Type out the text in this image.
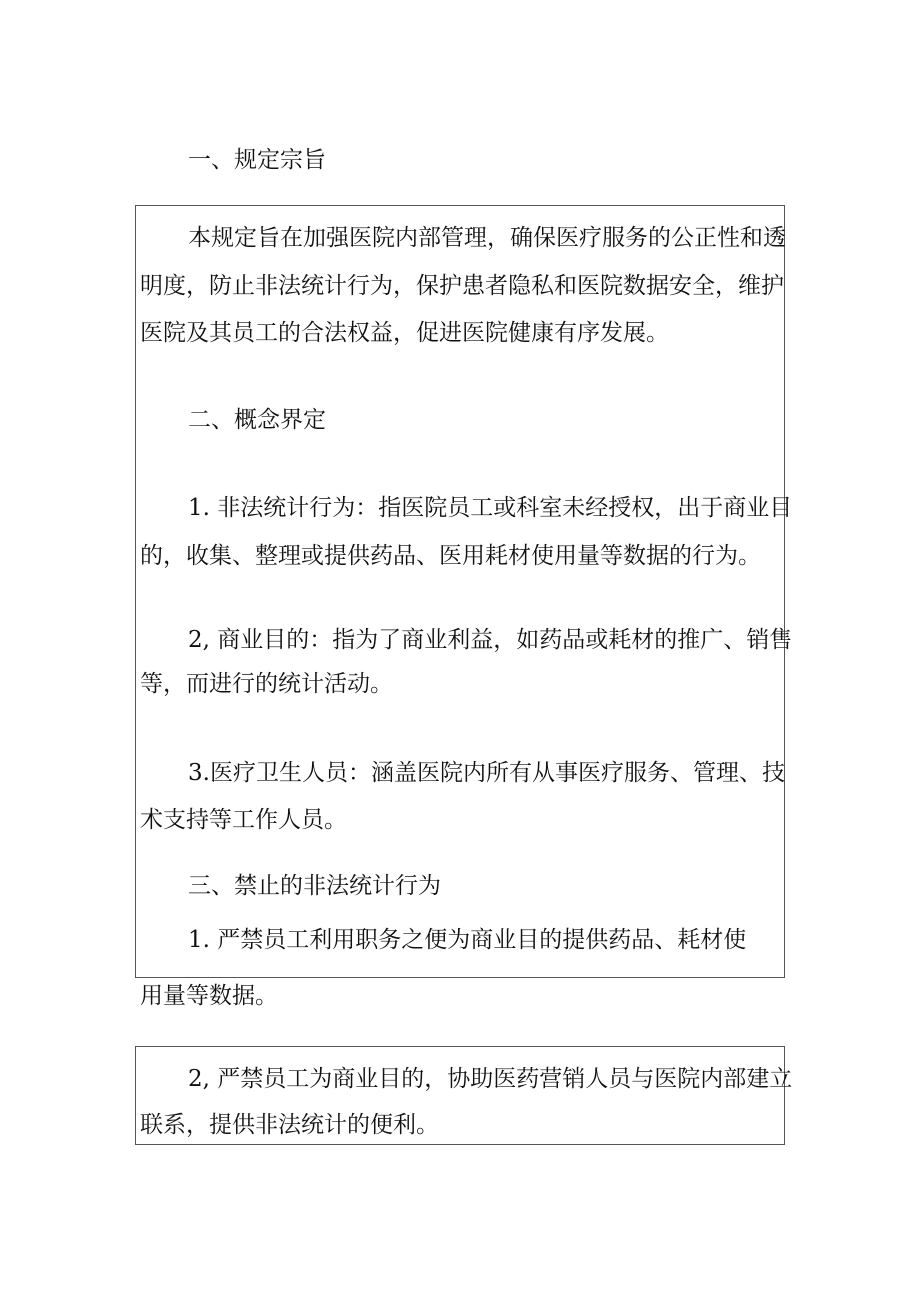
一、规定宗旨

本规定旨在加强医院内部管理，确保医疗服务的公正性和透

明度，防止非法统计行为，保护患者隐私和医院数据安全，维护

医院及其员工的合法权益，促进医院健康有序发展。

二、概念界定

1. 非法统计行为：指医院员工或科室未经授权，出于商业目

的，收集、整理或提供药品、医用耗材使用量等数据的行为。

2, 商业目的：指为了商业利益，如药品或耗材的推广、销售

等，而进行的统计活动。

3.医疗卫生人员：涵盖医院内所有从事医疗服务、管理、技

术支持等工作人员。

三、禁止的非法统计行为

1. 严禁员工利用职务之便为商业目的提供药品、耗材使

用量等数据。

2, 严禁员工为商业目的，协助医药营销人员与医院内部建立

联系，提供非法统计的便利。
